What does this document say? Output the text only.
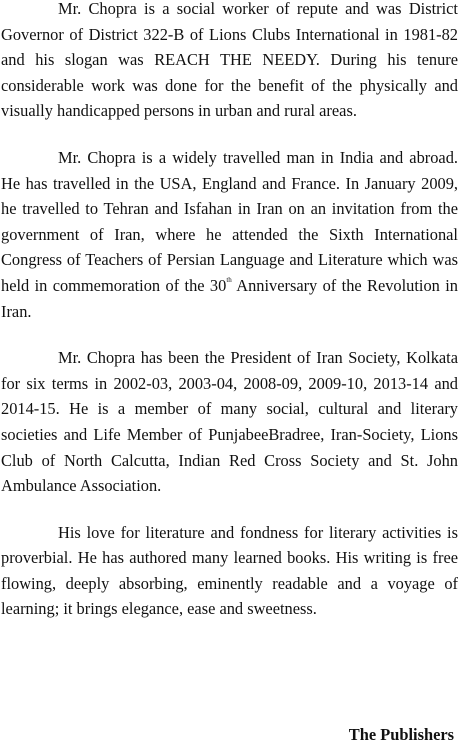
Mr. Chopra is a social worker of repute and was District Governor of District 322-B of Lions Clubs International in 1981-82 and his slogan was REACH THE NEEDY. During his tenure considerable work was done for the benefit of the physically and visually handicapped persons in urban and rural areas.

Mr. Chopra is a widely travelled man in India and abroad. He has travelled in the USA, England and France. In January 2009, he travelled to Tehran and Isfahan in Iran on an invitation from the government of Iran, where he attended the Sixth International Congress of Teachers of Persian Language and Literature which was held in commemoration of the 30th Anniversary of the Revolution in Iran.

Mr. Chopra has been the President of Iran Society, Kolkata for six terms in 2002-03, 2003-04, 2008-09, 2009-10, 2013-14 and 2014-15. He is a member of many social, cultural and literary societies and Life Member of PunjabeeBradree, Iran-Society, Lions Club of North Calcutta, Indian Red Cross Society and St. John Ambulance Association.

His love for literature and fondness for literary activities is proverbial. He has authored many learned books. His writing is free flowing, deeply absorbing, eminently readable and a voyage of learning; it brings elegance, ease and sweetness.

The Publishers
